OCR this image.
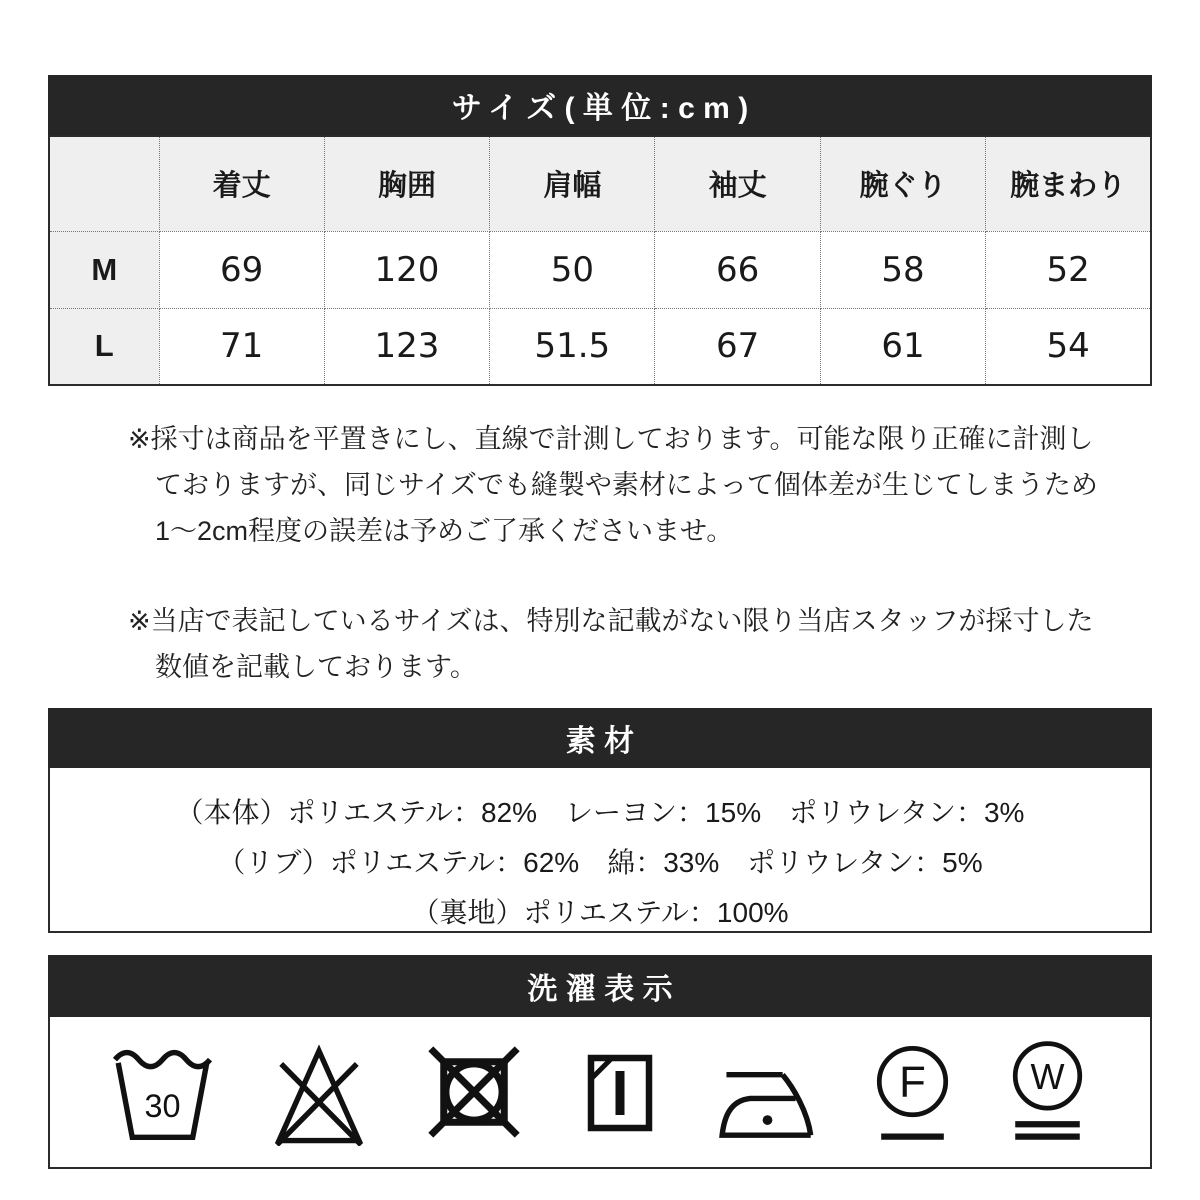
サイズ(単位:cm)
	着丈	胸囲	肩幅	袖丈	腕ぐり	腕まわり
M	69	120	50	66	58	52
L	71	123	51.5	67	61	54

※採寸は商品を平置きにし、直線で計測しております。可能な限り正確に計測し

ておりますが、同じサイズでも縫製や素材によって個体差が生じてしまうため

1〜2cm程度の誤差は予めご了承くださいませ。

※当店で表記しているサイズは、特別な記載がない限り当店スタッフが採寸した

数値を記載しております。

素材

（本体）ポリエステル：82%　レーヨン：15%　ポリウレタン：3%

（リブ）ポリエステル：62%　綿：33%　ポリウレタン：5%

（裏地）ポリエステル：100%

洗濯表示
30	F	W
